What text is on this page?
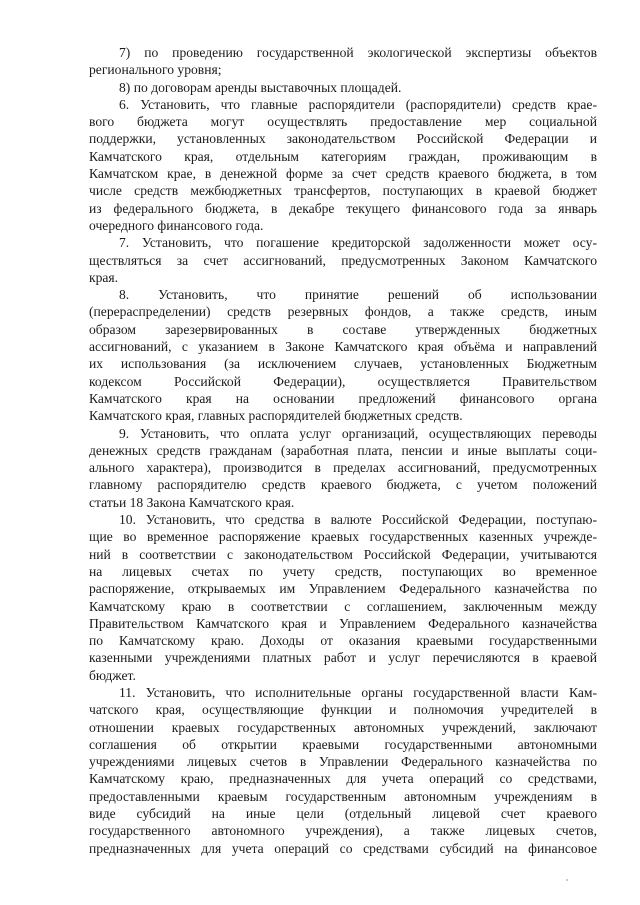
7) по проведению государственной экологической экспертизы объектов
регионального уровня;
8) по договорам аренды выставочных площадей.
6. Установить, что главные распорядители (распорядители) средств крае-
вого бюджета могут осуществлять предоставление мер социальной
поддержки, установленных законодательством Российской Федерации и
Камчатского края, отдельным категориям граждан, проживающим в
Камчатском крае, в денежной форме за счет средств краевого бюджета, в том
числе средств межбюджетных трансфертов, поступающих в краевой бюджет
из федерального бюджета, в декабре текущего финансового года за январь
очередного финансового года.
7. Установить, что погашение кредиторской задолженности может осу-
ществляться за счет ассигнований, предусмотренных Законом Камчатского
края.
8. Установить, что принятие решений об использовании
(перераспределении) средств резервных фондов, а также средств, иным
образом зарезервированных в составе утвержденных бюджетных
ассигнований, с указанием в Законе Камчатского края объёма и направлений
их использования (за исключением случаев, установленных Бюджетным
кодексом Российской Федерации), осуществляется Правительством
Камчатского края на основании предложений финансового органа
Камчатского края, главных распорядителей бюджетных средств.
9. Установить, что оплата услуг организаций, осуществляющих переводы
денежных средств гражданам (заработная плата, пенсии и иные выплаты соци-
ального характера), производится в пределах ассигнований, предусмотренных
главному распорядителю средств краевого бюджета, с учетом положений
статьи 18 Закона Камчатского края.
10. Установить, что средства в валюте Российской Федерации, поступаю-
щие во временное распоряжение краевых государственных казенных учрежде-
ний в соответствии с законодательством Российской Федерации, учитываются
на лицевых счетах по учету средств, поступающих во временное
распоряжение, открываемых им Управлением Федерального казначейства по
Камчатскому краю в соответствии с соглашением, заключенным между
Правительством Камчатского края и Управлением Федерального казначейства
по Камчатскому краю. Доходы от оказания краевыми государственными
казенными учреждениями платных работ и услуг перечисляются в краевой
бюджет.
11. Установить, что исполнительные органы государственной власти Кам-
чатского края, осуществляющие функции и полномочия учредителей в
отношении краевых государственных автономных учреждений, заключают
соглашения об открытии краевыми государственными автономными
учреждениями лицевых счетов в Управлении Федерального казначейства по
Камчатскому краю, предназначенных для учета операций со средствами,
предоставленными краевым государственным автономным учреждениям в
виде субсидий на иные цели (отдельный лицевой счет краевого
государственного автономного учреждения), а также лицевых счетов,
предназначенных для учета операций со средствами субсидий на финансовое
